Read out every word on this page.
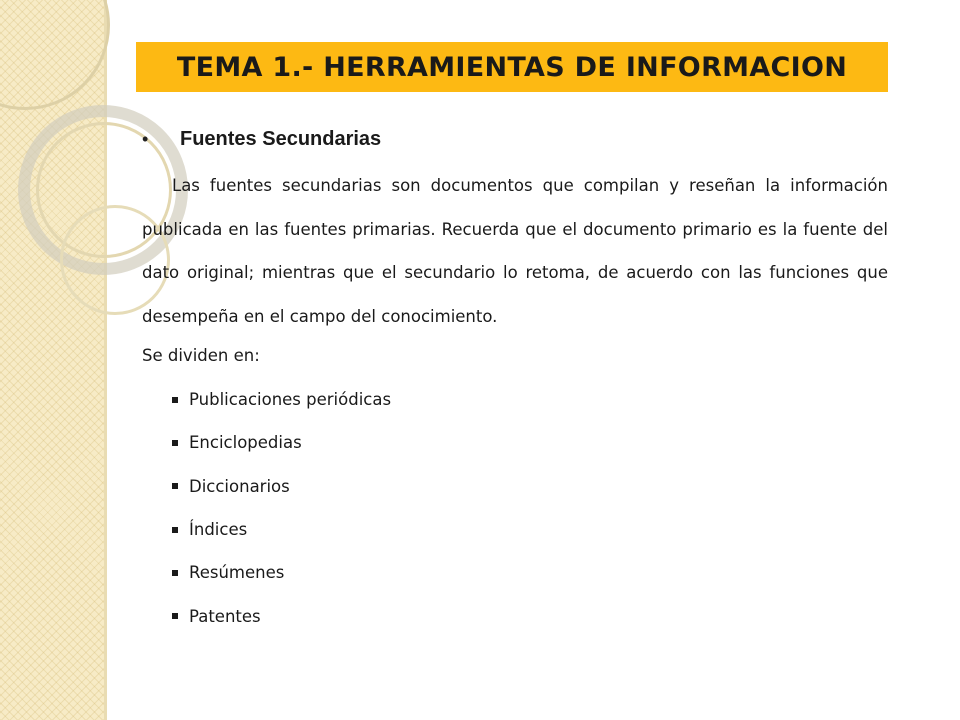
TEMA 1.- HERRAMIENTAS DE INFORMACION
•	Fuentes Secundarias

Las fuentes secundarias son documentos que compilan y reseñan la información publicada en las fuentes primarias. Recuerda que el documento primario es la fuente del dato original; mientras que el secundario lo retoma, de acuerdo con las funciones que desempeña en el campo del conocimiento.

Se dividen en:
Publicaciones periódicas
Enciclopedias
Diccionarios
Índices
Resúmenes
Patentes
